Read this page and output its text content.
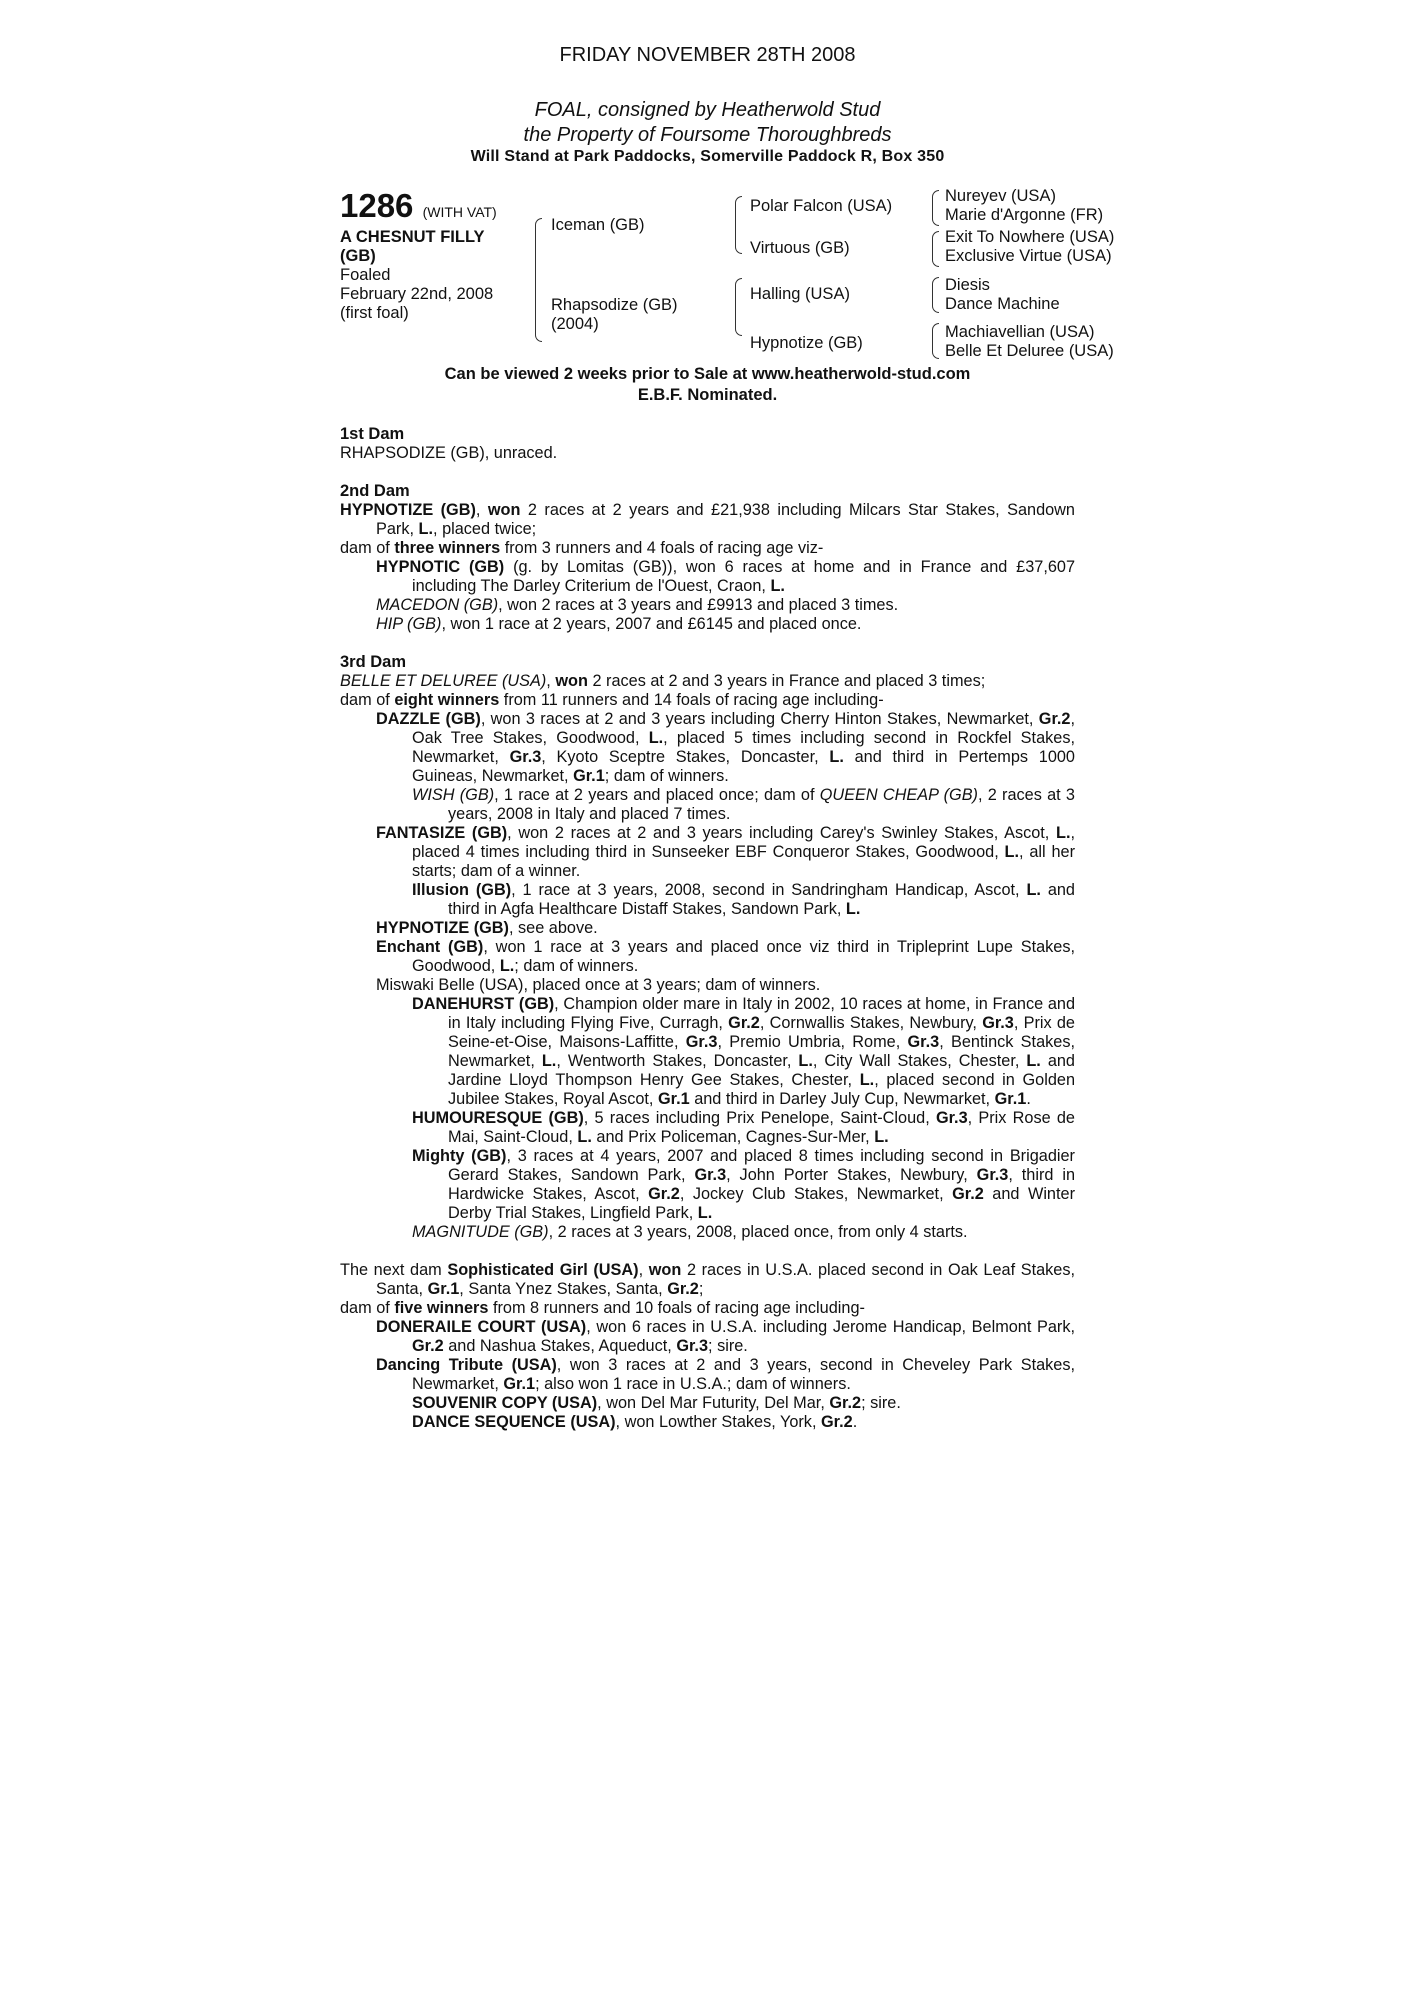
FRIDAY NOVEMBER 28TH 2008
FOAL, consigned by Heatherwold Stud
the Property of Foursome Thoroughbreds
Will Stand at Park Paddocks, Somerville Paddock R, Box 350
1286 (WITH VAT)
A CHESNUT FILLY
(GB)
Foaled
February 22nd, 2008
(first foal)
Iceman (GB)
Rhapsodize (GB)
(2004)
Polar Falcon (USA)
Virtuous (GB)
Halling (USA)
Hypnotize (GB)
Nureyev (USA)
Marie d'Argonne (FR)
Exit To Nowhere (USA)
Exclusive Virtue (USA)
Diesis
Dance Machine
Machiavellian (USA)
Belle Et Deluree (USA)
Can be viewed 2 weeks prior to Sale at www.heatherwold-stud.com
E.B.F. Nominated.

1st Dam

RHAPSODIZE (GB), unraced.

2nd Dam

HYPNOTIZE (GB), won 2 races at 2 years and £21,938 including Milcars Star Stakes, Sandown Park, L., placed twice;

dam of three winners from 3 runners and 4 foals of racing age viz-

HYPNOTIC (GB) (g. by Lomitas (GB)), won 6 races at home and in France and £37,607 including The Darley Criterium de l'Ouest, Craon, L.

MACEDON (GB), won 2 races at 3 years and £9913 and placed 3 times.

HIP (GB), won 1 race at 2 years, 2007 and £6145 and placed once.

3rd Dam

BELLE ET DELUREE (USA), won 2 races at 2 and 3 years in France and placed 3 times;

dam of eight winners from 11 runners and 14 foals of racing age including-

DAZZLE (GB), won 3 races at 2 and 3 years including Cherry Hinton Stakes, Newmarket, Gr.2, Oak Tree Stakes, Goodwood, L., placed 5 times including second in Rockfel Stakes, Newmarket, Gr.3, Kyoto Sceptre Stakes, Doncaster, L. and third in Pertemps 1000 Guineas, Newmarket, Gr.1; dam of winners.

WISH (GB), 1 race at 2 years and placed once; dam of QUEEN CHEAP (GB), 2 races at 3 years, 2008 in Italy and placed 7 times.

FANTASIZE (GB), won 2 races at 2 and 3 years including Carey's Swinley Stakes, Ascot, L., placed 4 times including third in Sunseeker EBF Conqueror Stakes, Goodwood, L., all her starts; dam of a winner.

Illusion (GB), 1 race at 3 years, 2008, second in Sandringham Handicap, Ascot, L. and third in Agfa Healthcare Distaff Stakes, Sandown Park, L.

HYPNOTIZE (GB), see above.

Enchant (GB), won 1 race at 3 years and placed once viz third in Tripleprint Lupe Stakes, Goodwood, L.; dam of winners.

Miswaki Belle (USA), placed once at 3 years; dam of winners.

DANEHURST (GB), Champion older mare in Italy in 2002, 10 races at home, in France and in Italy including Flying Five, Curragh, Gr.2, Cornwallis Stakes, Newbury, Gr.3, Prix de Seine-et-Oise, Maisons-Laffitte, Gr.3, Premio Umbria, Rome, Gr.3, Bentinck Stakes, Newmarket, L., Wentworth Stakes, Doncaster, L., City Wall Stakes, Chester, L. and Jardine Lloyd Thompson Henry Gee Stakes, Chester, L., placed second in Golden Jubilee Stakes, Royal Ascot, Gr.1 and third in Darley July Cup, Newmarket, Gr.1.

HUMOURESQUE (GB), 5 races including Prix Penelope, Saint-Cloud, Gr.3, Prix Rose de Mai, Saint-Cloud, L. and Prix Policeman, Cagnes-Sur-Mer, L.

Mighty (GB), 3 races at 4 years, 2007 and placed 8 times including second in Brigadier Gerard Stakes, Sandown Park, Gr.3, John Porter Stakes, Newbury, Gr.3, third in Hardwicke Stakes, Ascot, Gr.2, Jockey Club Stakes, Newmarket, Gr.2 and Winter Derby Trial Stakes, Lingfield Park, L.

MAGNITUDE (GB), 2 races at 3 years, 2008, placed once, from only 4 starts.

The next dam Sophisticated Girl (USA), won 2 races in U.S.A. placed second in Oak Leaf Stakes, Santa, Gr.1, Santa Ynez Stakes, Santa, Gr.2;

dam of five winners from 8 runners and 10 foals of racing age including-

DONERAILE COURT (USA), won 6 races in U.S.A. including Jerome Handicap, Belmont Park, Gr.2 and Nashua Stakes, Aqueduct, Gr.3; sire.

Dancing Tribute (USA), won 3 races at 2 and 3 years, second in Cheveley Park Stakes, Newmarket, Gr.1; also won 1 race in U.S.A.; dam of winners.

SOUVENIR COPY (USA), won Del Mar Futurity, Del Mar, Gr.2; sire.

DANCE SEQUENCE (USA), won Lowther Stakes, York, Gr.2.
